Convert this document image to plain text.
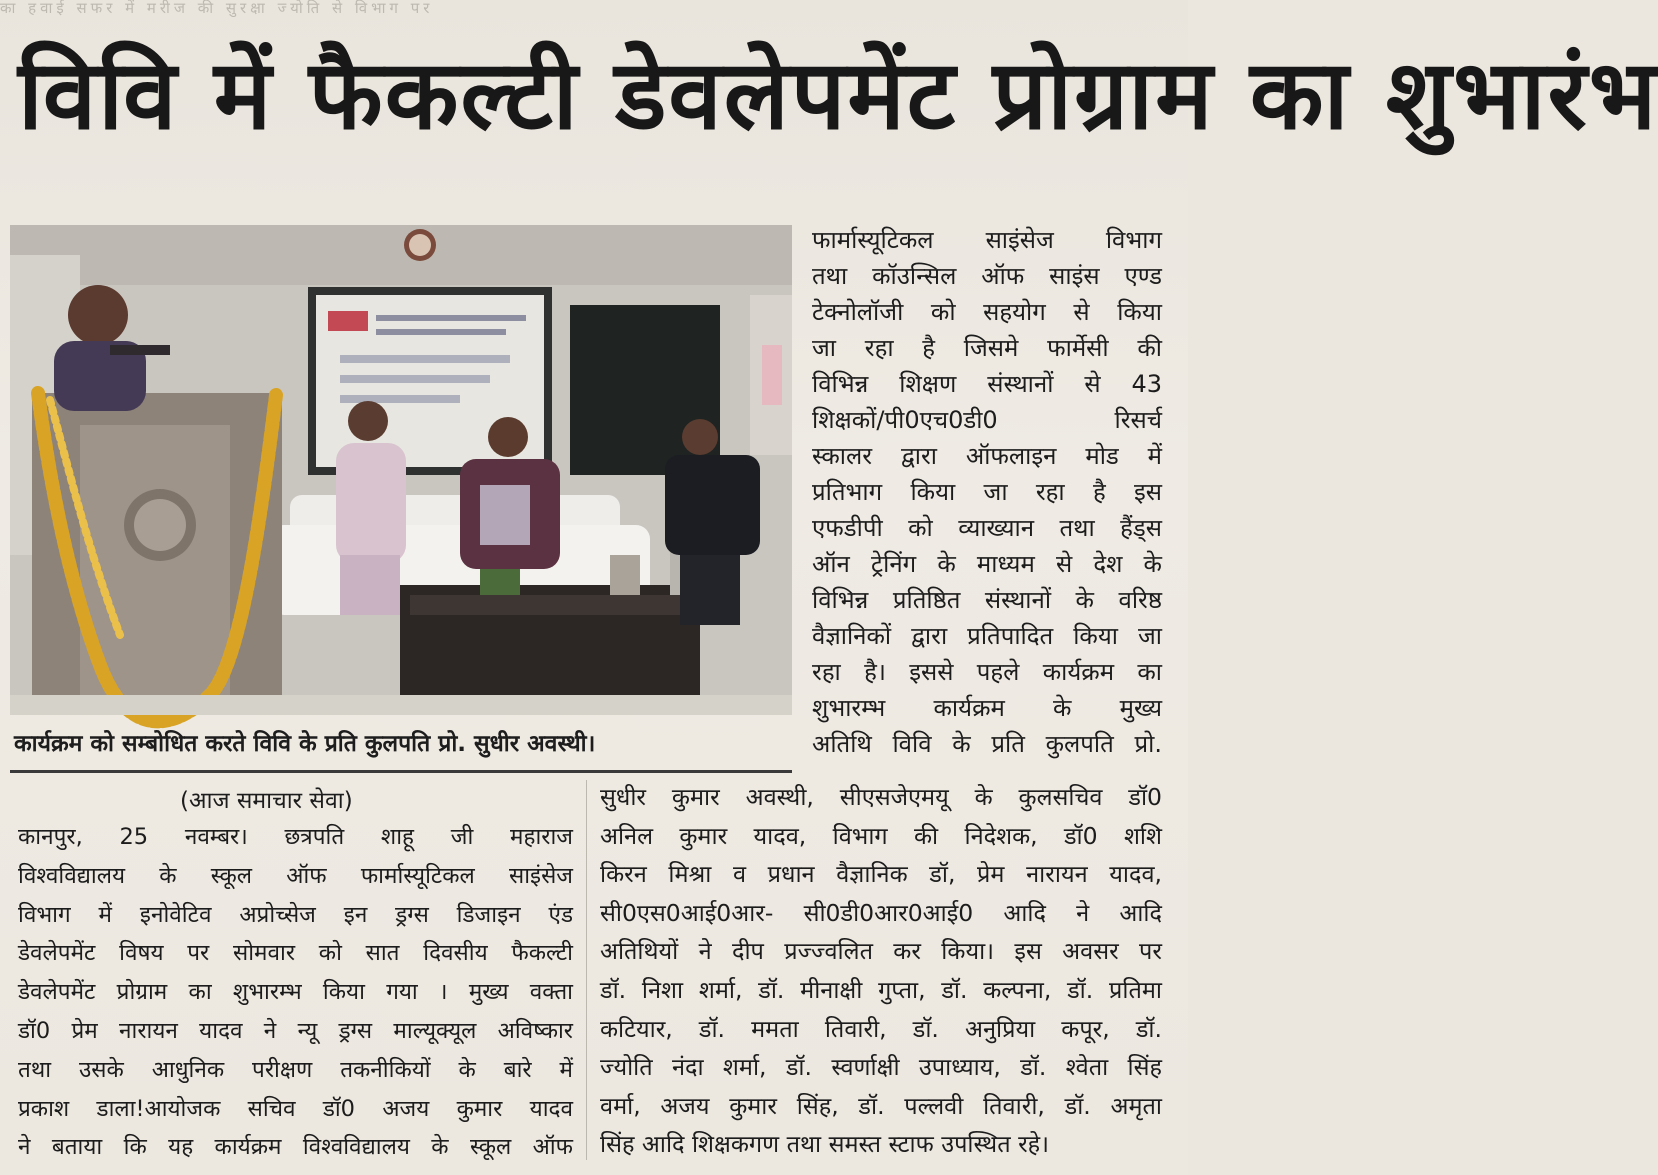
का हवाई सफर में मरीज की सुरक्षा ज्योति से विभाग पर
विवि में फैकल्टी डेवलेपमेंट प्रोग्राम का शुभारंभ
कार्यक्रम को सम्बोधित करते विवि के प्रति कुलपति प्रो. सुधीर अवस्थी।
(आज समाचार सेवा)
फार्मास्यूटिकल साइंसेज विभाग
तथा कॉउन्सिल ऑफ साइंस एण्ड
टेक्नोलॉजी को सहयोग से किया
जा रहा है जिसमे फार्मेसी की
विभिन्न शिक्षण संस्थानों से 43
शिक्षकों/पी0एच0डी0 रिसर्च
स्कालर द्वारा ऑफलाइन मोड में
प्रतिभाग किया जा रहा है इस
एफडीपी को व्याख्यान तथा हैंड्स
ऑन ट्रेनिंग के माध्यम से देश के
विभिन्न प्रतिष्ठित संस्थानों के वरिष्ठ
वैज्ञानिकों द्वारा प्रतिपादित किया जा
रहा है। इससे पहले कार्यक्रम का
शुभारम्भ कार्यक्रम के मुख्य
अतिथि विवि के प्रति कुलपति प्रो.
कानपुर, 25 नवम्बर। छत्रपति शाहू जी महाराज
विश्वविद्यालय के स्कूल ऑफ फार्मास्यूटिकल साइंसेज
विभाग में इनोवेटिव अप्रोच्सेज इन ड्रग्स डिजाइन एंड
डेवलेपमेंट विषय पर सोमवार को सात दिवसीय फैकल्टी
डेवलेपमेंट प्रोग्राम का शुभारम्भ किया गया । मुख्य वक्ता
डॉ0 प्रेम नारायन यादव ने न्यू ड्रग्स माल्यूक्यूल अविष्कार
तथा उसके आधुनिक परीक्षण तकनीकियों के बारे में
प्रकाश डाला!आयोजक सचिव डॉ0 अजय कुमार यादव
ने बताया कि यह कार्यक्रम विश्वविद्यालय के स्कूल ऑफ
सुधीर कुमार अवस्थी, सीएसजेएमयू के कुलसचिव डॉ0
अनिल कुमार यादव, विभाग की निदेशक, डॉ0 शशि
किरन मिश्रा व प्रधान वैज्ञानिक डॉ, प्रेम नारायन यादव,
सी0एस0आई0आर- सी0डी0आर0आई0 आदि ने आदि
अतिथियों ने दीप प्रज्ज्वलित कर किया। इस अवसर पर
डॉ. निशा शर्मा, डॉ. मीनाक्षी गुप्ता, डॉ. कल्पना, डॉ. प्रतिमा
कटियार, डॉ. ममता तिवारी, डॉ. अनुप्रिया कपूर, डॉ.
ज्योति नंदा शर्मा, डॉ. स्वर्णाक्षी उपाध्याय, डॉ. श्वेता सिंह
वर्मा, अजय कुमार सिंह, डॉ. पल्लवी तिवारी, डॉ. अमृता
सिंह आदि शिक्षकगण तथा समस्त स्टाफ उपस्थित रहे।
